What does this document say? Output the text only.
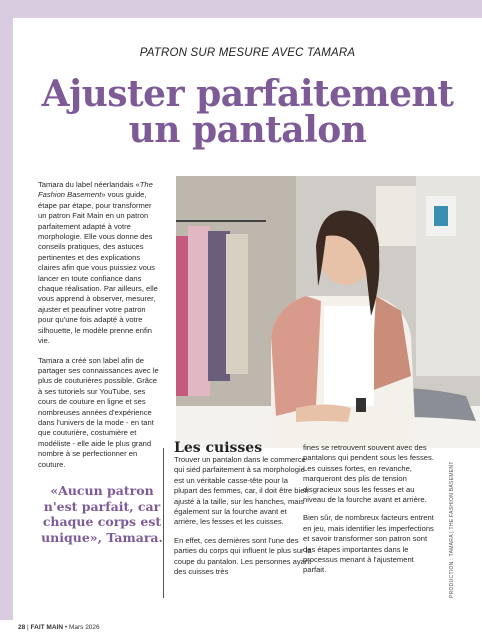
PATRON SUR MESURE AVEC TAMARA
Ajuster parfaitement
un pantalon

Tamara du label néerlandais «The Fashion Basement» vous guide, étape par étape, pour transformer un patron Fait Main en un patron parfaitement adapté à votre morphologie. Elle vous donne des conseils pratiques, des astuces pertinentes et des explications claires afin que vous puissiez vous lancer en toute confiance dans chaque réalisation. Par ailleurs, elle vous apprend à observer, mesurer, ajuster et peaufiner votre patron pour qu'une fois adapté à votre silhouette, le modèle prenne enfin vie.

Tamara a créé son label afin de partager ses connaissances avec le plus de couturières possible. Grâce à ses tutoriels sur YouTube, ses cours de couture en ligne et ses nombreuses années d'expérience dans l'univers de la mode - en tant que couturière, costumière et modéliste - elle aide le plus grand nombre à se perfectionner en couture.

«Aucun patron n'est parfait, car chaque corps est unique», Tamara.
Les cuisses

Trouver un pantalon dans le commerce qui siéd parfaitement à sa morphologie est un véritable casse-tête pour la plupart des femmes, car, il doit être bien ajusté à la taille, sur les hanches, mais également sur la fourche avant et arrière, les fesses et les cuisses.

En effet, ces dernières sont l'une des parties du corps qui influent le plus sur la coupe du pantalon. Les personnes ayant des cuisses très

fines se retrouvent souvent avec des pantalons qui pendent sous les fesses. Les cuisses fortes, en revanche, marqueront des plis de tension disgracieux sous les fesses et au niveau de la fourche avant et arrière.

Bien sûr, de nombreux facteurs entrent en jeu, mais identifier les imperfections et savoir transformer son patron sont des étapes importantes dans le processus menant à l'ajustement parfait.	PRODUCTION : TAMARA | THE FASHION BASEMENT
28 | FAIT MAIN • Mars 2026
